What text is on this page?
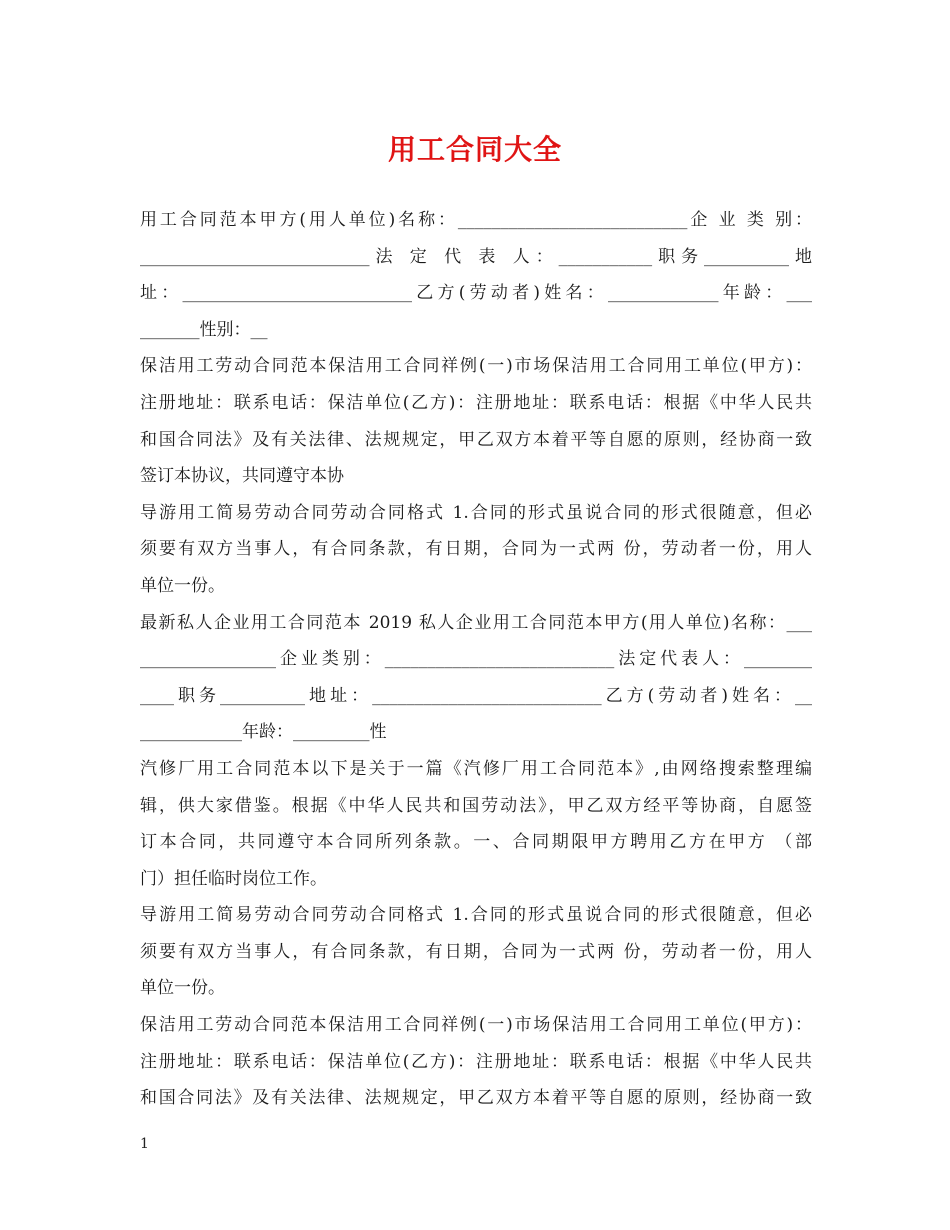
用工合同大全
用工合同范本甲方(用人单位)名称：___________________________企 业 类 别：
___________________________法 定 代 表 人：___________职务__________地
址：___________________________乙方(劳动者)姓名：_____________年龄：___
_______性别：__
保洁用工劳动合同范本保洁用工合同祥例(一)市场保洁用工合同用工单位(甲方)：
注册地址：联系电话：保洁单位(乙方)：注册地址：联系电话：根据《中华人民共
和国合同法》及有关法律、法规规定，甲乙双方本着平等自愿的原则，经协商一致
签订本协议，共同遵守本协
导游用工简易劳动合同劳动合同格式 1.合同的形式虽说合同的形式很随意，但必
须要有双方当事人，有合同条款，有日期，合同为一式两 份，劳动者一份，用人
单位一份。
最新私人企业用工合同范本 2019 私人企业用工合同范本甲方(用人单位)名称：___
________________企业类别：___________________________法定代表人：________
____职务__________地址：___________________________乙方(劳动者)姓名：__
____________年龄：_________性
汽修厂用工合同范本以下是关于一篇《汽修厂用工合同范本》,由网络搜索整理编
辑，供大家借鉴。根据《中华人民共和国劳动法》，甲乙双方经平等协商，自愿签
订本合同，共同遵守本合同所列条款。一、合同期限甲方聘用乙方在甲方 （部
门）担任临时岗位工作。
导游用工简易劳动合同劳动合同格式 1.合同的形式虽说合同的形式很随意，但必
须要有双方当事人，有合同条款，有日期，合同为一式两 份，劳动者一份，用人
单位一份。
保洁用工劳动合同范本保洁用工合同祥例(一)市场保洁用工合同用工单位(甲方)：
注册地址：联系电话：保洁单位(乙方)：注册地址：联系电话：根据《中华人民共
和国合同法》及有关法律、法规规定，甲乙双方本着平等自愿的原则，经协商一致
1
